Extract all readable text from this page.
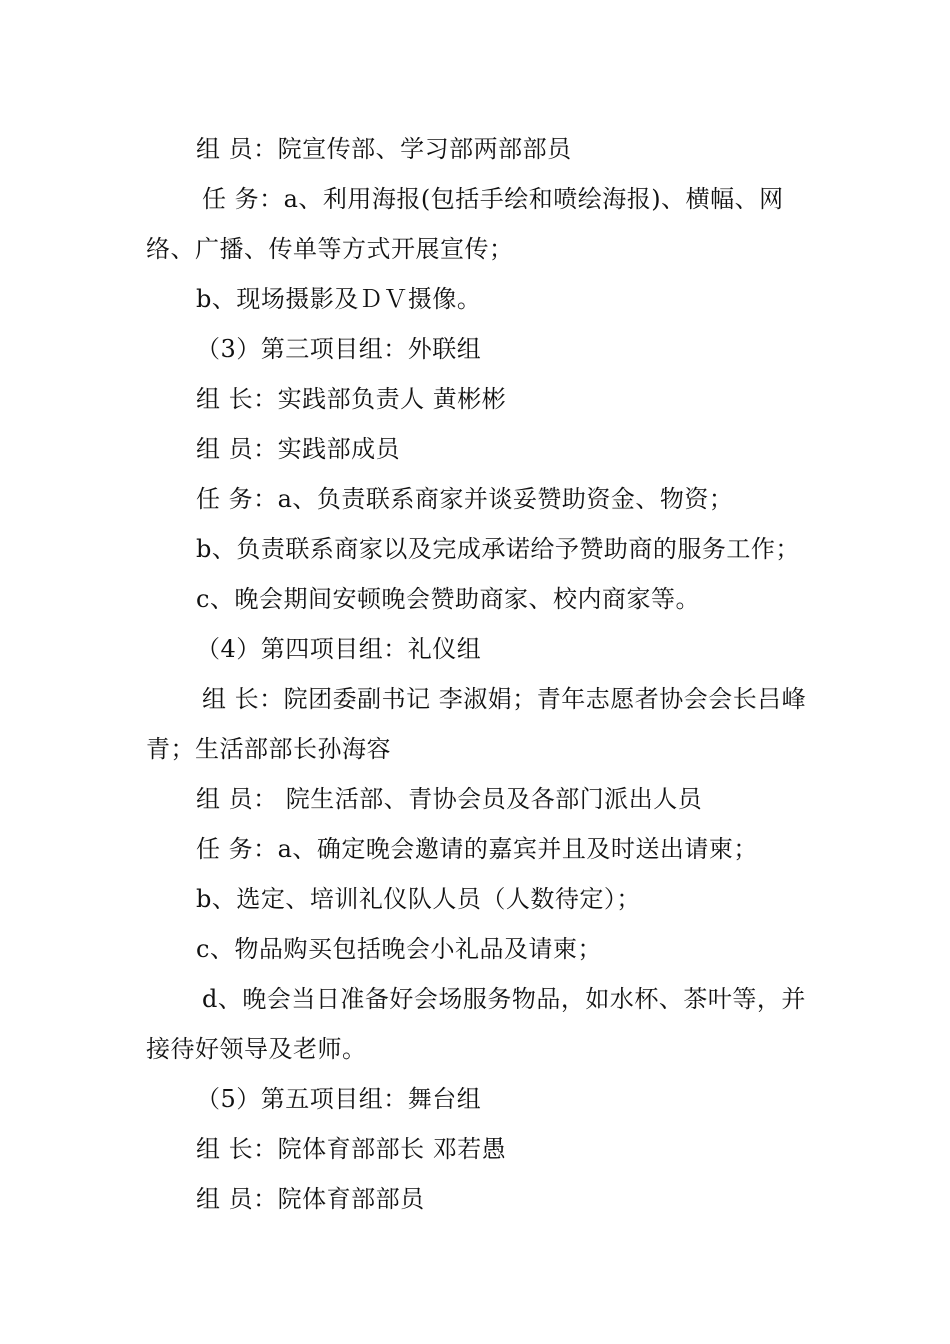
组 员：院宣传部、学习部两部部员
任 务：a、利用海报(包括手绘和喷绘海报)、横幅、网络、广播、传单等方式开展宣传；
b、现场摄影及ＤＶ摄像。
（3）第三项目组：外联组
组 长：实践部负责人 黄彬彬
组 员：实践部成员
任 务：a、负责联系商家并谈妥赞助资金、物资；
b、负责联系商家以及完成承诺给予赞助商的服务工作；
c、晚会期间安顿晚会赞助商家、校内商家等。
（4）第四项目组：礼仪组
组 长：院团委副书记 李淑娟；青年志愿者协会会长吕峰青；生活部部长孙海容
组 员： 院生活部、青协会员及各部门派出人员
任 务：a、确定晚会邀请的嘉宾并且及时送出请柬；
b、选定、培训礼仪队人员（人数待定）；
c、物品购买包括晚会小礼品及请柬；
d、晚会当日准备好会场服务物品，如水杯、茶叶等，并接待好领导及老师。
（5）第五项目组：舞台组
组 长：院体育部部长 邓若愚
组 员：院体育部部员
